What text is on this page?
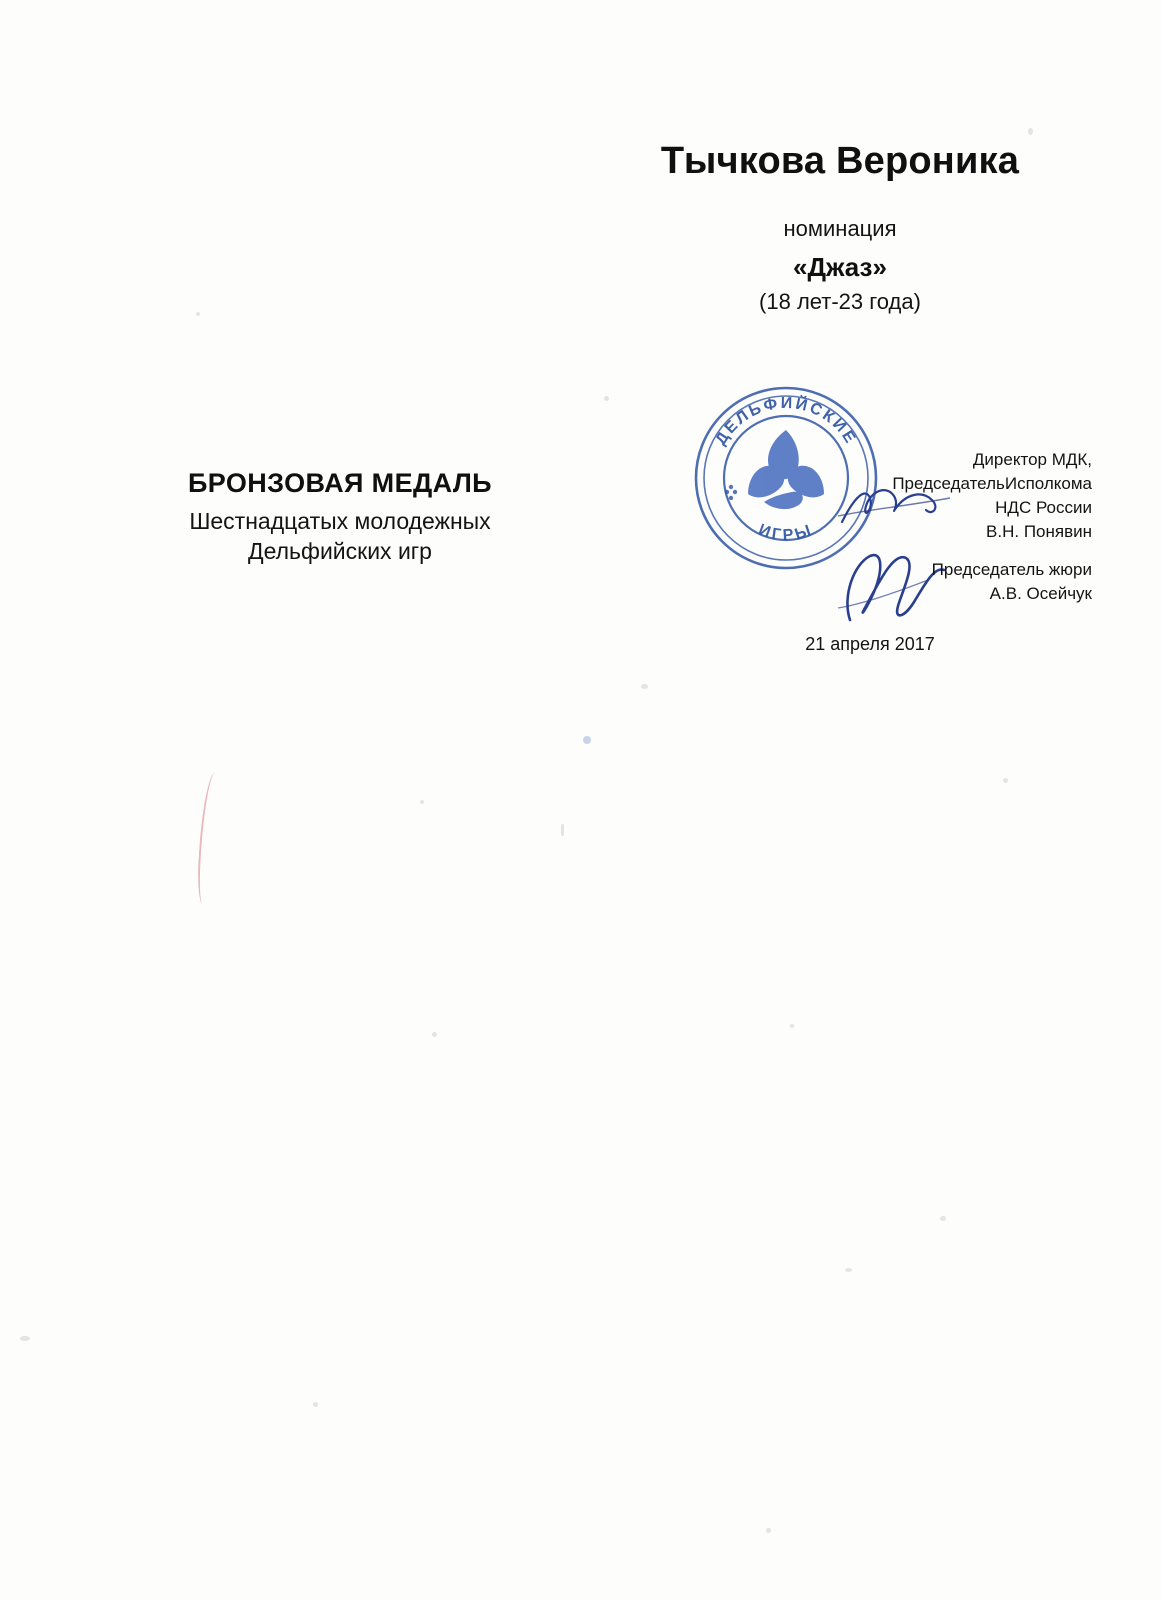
Тычкова Вероника
номинация
«Джаз»
(18 лет-23 года)
БРОНЗОВАЯ МЕДАЛЬ
Шестнадцатых молодежных
Дельфийских игр
ДЕЛЬФИЙСКИЕ
ИГРЫ
Директор МДК,
ПредседательИсполкома
НДС России
В.Н. Понявин
Председатель жюри
А.В. Осейчук
21 апреля 2017
